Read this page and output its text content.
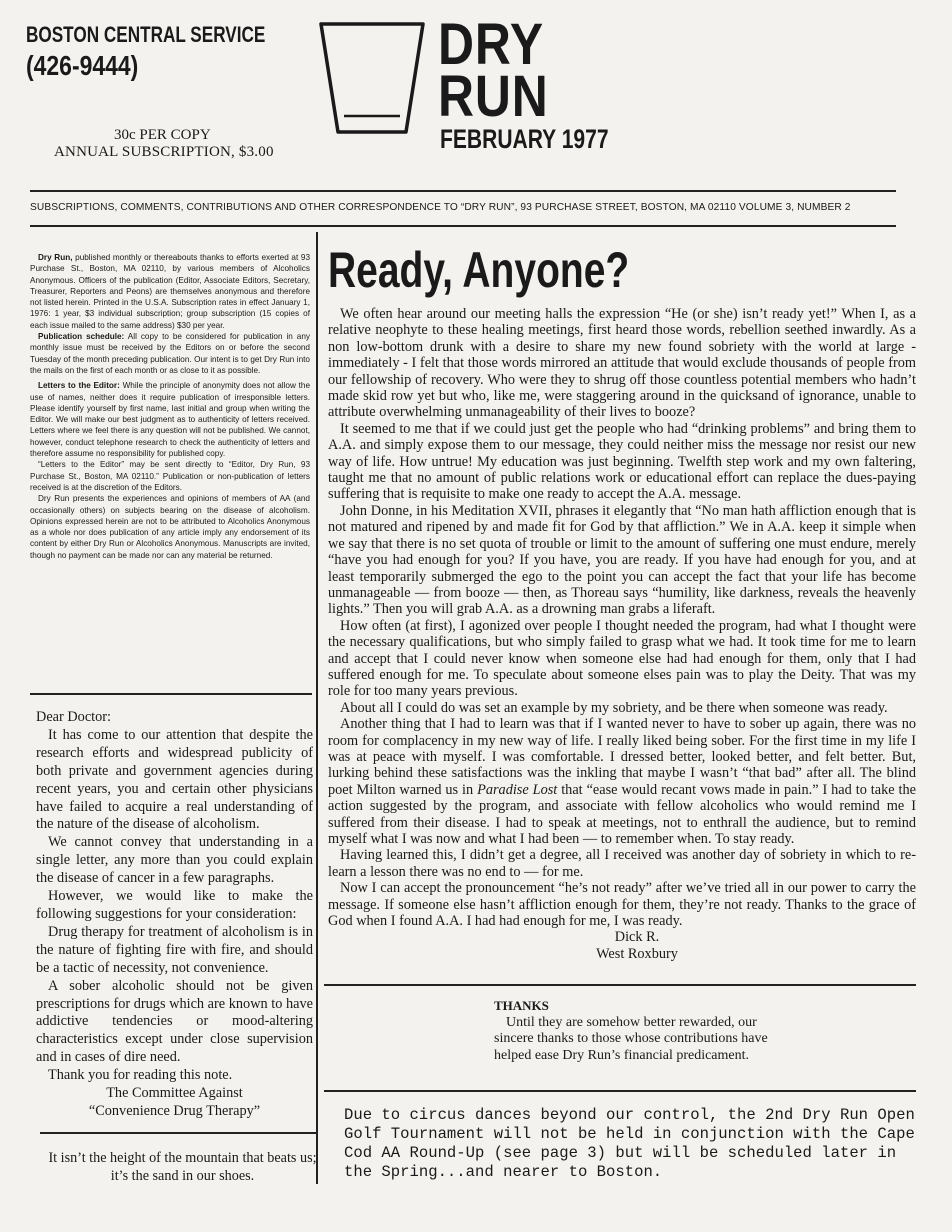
BOSTON CENTRAL SERVICE
(426-9444)
30c PER COPY
ANNUAL SUBSCRIPTION, $3.00
DRY
RUN
FEBRUARY 1977
SUBSCRIPTIONS, COMMENTS, CONTRIBUTIONS AND OTHER CORRESPONDENCE TO “DRY RUN”, 93 PURCHASE STREET, BOSTON, MA 02110 VOLUME 3, NUMBER 2

Dry Run, published monthly or thereabouts thanks to efforts exerted at 93 Purchase St., Boston, MA 02110, by various members of Alcoholics Anonymous. Officers of the publication (Editor, Associate Editors, Secretary, Treasurer, Reporters and Peons) are themselves anonymous and therefore not listed herein. Printed in the U.S.A. Subscription rates in effect January 1, 1976: 1 year, $3 individual subscription; group subscription (15 copies of each issue mailed to the same address) $30 per year.

Publication schedule: All copy to be considered for publication in any monthly issue must be received by the Editors on or before the second Tuesday of the month preceding publication. Our intent is to get Dry Run into the mails on the first of each month or as close to it as possible.

Letters to the Editor: While the principle of anonymity does not allow the use of names, neither does it require publication of irresponsible letters. Please identify yourself by first name, last initial and group when writing the Editor. We will make our best judgment as to authenticity of letters received. Letters where we feel there is any question will not be published. We cannot, however, conduct telephone research to check the authenticity of letters and therefore assume no responsibility for published copy.

“Letters to the Editor” may be sent directly to “Editor, Dry Run, 93 Purchase St., Boston, MA 02110.” Publication or non-publication of letters received is at the discretion of the Editors.

Dry Run presents the experiences and opinions of members of AA (and occasionally others) on subjects bearing on the disease of alcoholism. Opinions expressed herein are not to be attributed to Alcoholics Anonymous as a whole nor does publication of any article imply any endorsement of its content by either Dry Run or Alcoholics Anonymous. Manuscripts are invited, though no payment can be made nor can any material be returned.

Dear Doctor:

It has come to our attention that despite the research efforts and widespread publicity of both private and government agencies during recent years, you and certain other physicians have failed to acquire a real understanding of the nature of the disease of alcoholism.

We cannot convey that understanding in a single letter, any more than you could explain the disease of cancer in a few paragraphs.

However, we would like to make the following suggestions for your consideration:

Drug therapy for treatment of alcoholism is in the nature of fighting fire with fire, and should be a tactic of necessity, not convenience.

A sober alcoholic should not be given prescriptions for drugs which are known to have addictive tendencies or mood-altering characteristics except under close supervision and in cases of dire need.

Thank you for reading this note.

The Committee Against

“Convenience Drug Therapy”

It isn’t the height of the mountain that beats us; it’s the sand in our shoes.
Ready, Anyone?

We often hear around our meeting halls the expression “He (or she) isn’t ready yet!” When I, as a relative neophyte to these healing meetings, first heard those words, rebellion seethed inwardly. As a non low-bottom drunk with a desire to share my new found sobriety with the world at large - immediately - I felt that those words mirrored an attitude that would exclude thousands of people from our fellowship of recovery. Who were they to shrug off those countless potential members who hadn’t made skid row yet but who, like me, were staggering around in the quicksand of ignorance, unable to attribute overwhelming unmanageability of their lives to booze?

It seemed to me that if we could just get the people who had “drinking problems” and bring them to A.A. and simply expose them to our message, they could neither miss the message nor resist our new way of life. How untrue! My education was just beginning. Twelfth step work and my own faltering, taught me that no amount of public relations work or educational effort can replace the dues-paying suffering that is requisite to make one ready to accept the A.A. message.

John Donne, in his Meditation XVII, phrases it elegantly that “No man hath affliction enough that is not matured and ripened by and made fit for God by that affliction.” We in A.A. keep it simple when we say that there is no set quota of trouble or limit to the amount of suffering one must endure, merely “have you had enough for you? If you have, you are ready. If you have had enough for you, and at least temporarily submerged the ego to the point you can accept the fact that your life has become unmanageable — from booze — then, as Thoreau says “humility, like darkness, reveals the heavenly lights.” Then you will grab A.A. as a drowning man grabs a liferaft.

How often (at first), I agonized over people I thought needed the program, had what I thought were the necessary qualifications, but who simply failed to grasp what we had. It took time for me to learn and accept that I could never know when someone else had had enough for them, only that I had suffered enough for me. To speculate about someone elses pain was to play the Deity. That was my role for too many years previous.

About all I could do was set an example by my sobriety, and be there when someone was ready.

Another thing that I had to learn was that if I wanted never to have to sober up again, there was no room for complacency in my new way of life. I really liked being sober. For the first time in my life I was at peace with myself. I was comfortable. I dressed better, looked better, and felt better. But, lurking behind these satisfactions was the inkling that maybe I wasn’t “that bad” after all. The blind poet Milton warned us in Paradise Lost that “ease would recant vows made in pain.” I had to take the action suggested by the program, and associate with fellow alcoholics who would remind me I suffered from their disease. I had to speak at meetings, not to enthrall the audience, but to remind myself what I was now and what I had been — to remember when. To stay ready.

Having learned this, I didn’t get a degree, all I received was another day of sobriety in which to re-learn a lesson there was no end to — for me.

Now I can accept the pronouncement “he’s not ready” after we’ve tried all in our power to carry the message. If someone else hasn’t affliction enough for them, they’re not ready. Thanks to the grace of God when I found A.A. I had had enough for me, I was ready.

Dick R.

West Roxbury

THANKS
Until they are somehow better rewarded, our sincere thanks to those whose contributions have helped ease Dry Run’s financial predicament.
Due to circus dances beyond our control, the 2nd Dry Run Open Golf Tournament will not be held in conjunction with the Cape Cod AA Round-Up (see page 3) but will be scheduled later in the Spring...and nearer to Boston.
